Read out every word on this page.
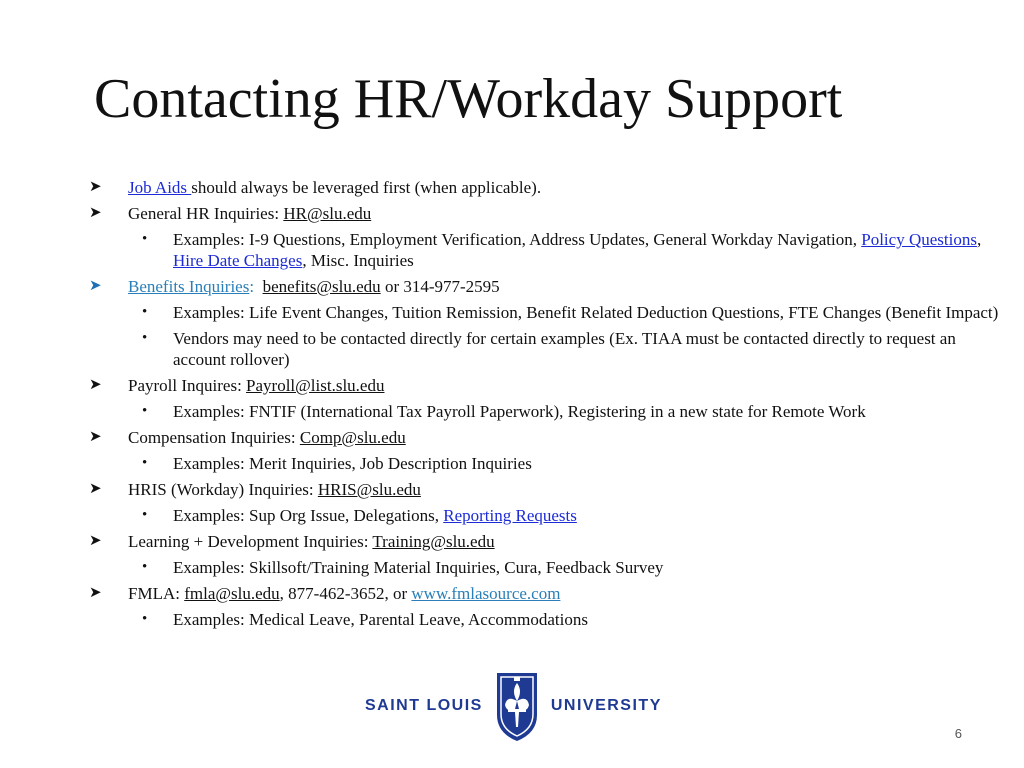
Contacting HR/Workday Support
➤	Job Aids should always be leveraged first (when applicable).
➤	General HR Inquiries: HR@slu.edu
• Examples: I-9 Questions, Employment Verification, Address Updates, General Workday Navigation, Policy Questions, Hire Date Changes, Misc. Inquiries
➤	Benefits Inquiries: benefits@slu.edu or 314-977-2595
• Examples: Life Event Changes, Tuition Remission, Benefit Related Deduction Questions, FTE Changes (Benefit Impact)
• Vendors may need to be contacted directly for certain examples (Ex. TIAA must be contacted directly to request an account rollover)
➤	Payroll Inquires: Payroll@list.slu.edu
• Examples: FNTIF (International Tax Payroll Paperwork), Registering in a new state for Remote Work
➤	Compensation Inquiries: Comp@slu.edu
• Examples: Merit Inquiries, Job Description Inquiries
➤	HRIS (Workday) Inquiries: HRIS@slu.edu
• Examples: Sup Org Issue, Delegations, Reporting Requests
➤	Learning + Development Inquiries: Training@slu.edu
• Examples: Skillsoft/Training Material Inquiries, Cura, Feedback Survey
➤	FMLA: fmla@slu.edu, 877-462-3652, or www.fmlasource.com
• Examples: Medical Leave, Parental Leave, Accommodations
SAINT LOUIS	UNIVERSITY
6
